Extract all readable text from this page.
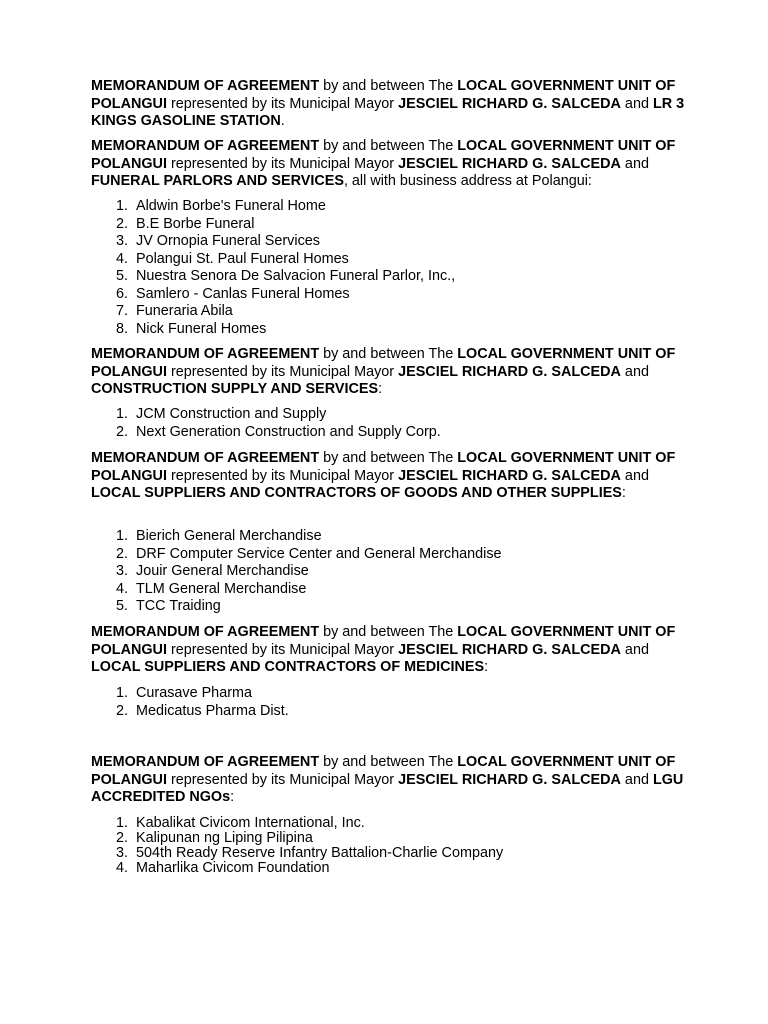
MEMORANDUM OF AGREEMENT by and between The LOCAL GOVERNMENT UNIT OF POLANGUI represented by its Municipal Mayor JESCIEL RICHARD G. SALCEDA and LR 3 KINGS GASOLINE STATION.

MEMORANDUM OF AGREEMENT by and between The LOCAL GOVERNMENT UNIT OF POLANGUI represented by its Municipal Mayor JESCIEL RICHARD G. SALCEDA and FUNERAL PARLORS AND SERVICES, all with business address at Polangui:

1. Aldwin Borbe's Funeral Home
2. B.E Borbe Funeral
3. JV Ornopia Funeral Services
4. Polangui St. Paul Funeral Homes
5. Nuestra Senora De Salvacion Funeral Parlor, Inc.,
6. Samlero - Canlas Funeral Homes
7. Funeraria Abila
8. Nick Funeral Homes

MEMORANDUM OF AGREEMENT by and between The LOCAL GOVERNMENT UNIT OF POLANGUI represented by its Municipal Mayor JESCIEL RICHARD G. SALCEDA and CONSTRUCTION SUPPLY AND SERVICES:

1. JCM Construction and Supply
2. Next Generation Construction and Supply Corp.

MEMORANDUM OF AGREEMENT by and between The LOCAL GOVERNMENT UNIT OF POLANGUI represented by its Municipal Mayor JESCIEL RICHARD G. SALCEDA and LOCAL SUPPLIERS AND CONTRACTORS OF GOODS AND OTHER SUPPLIES:

1. Bierich General Merchandise
2. DRF Computer Service Center and General Merchandise
3. Jouir General Merchandise
4. TLM General Merchandise
5. TCC Traiding

MEMORANDUM OF AGREEMENT by and between The LOCAL GOVERNMENT UNIT OF POLANGUI represented by its Municipal Mayor JESCIEL RICHARD G. SALCEDA and LOCAL SUPPLIERS AND CONTRACTORS OF MEDICINES:

1. Curasave Pharma
2. Medicatus Pharma Dist.

MEMORANDUM OF AGREEMENT by and between The LOCAL GOVERNMENT UNIT OF POLANGUI represented by its Municipal Mayor JESCIEL RICHARD G. SALCEDA and LGU ACCREDITED NGOs:

1. Kabalikat Civicom International, Inc.
2. Kalipunan ng Liping Pilipina
3. 504th Ready Reserve Infantry Battalion-Charlie Company
4. Maharlika Civicom Foundation
